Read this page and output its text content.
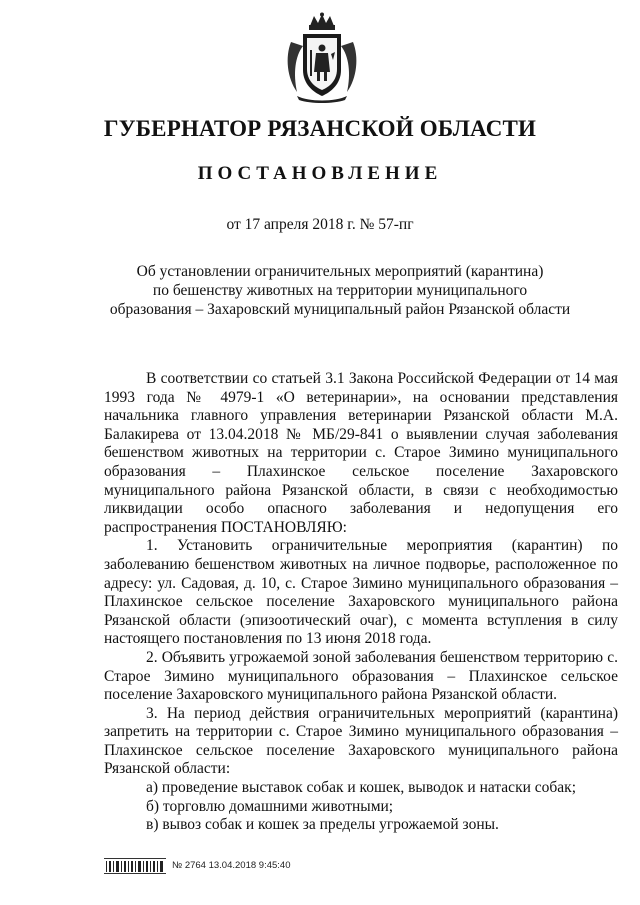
ГУБЕРНАТОР РЯЗАНСКОЙ ОБЛАСТИ
ПОСТАНОВЛЕНИЕ
от 17 апреля 2018 г. № 57-пг
Об установлении ограничительных мероприятий (карантина)
по бешенству животных на территории муниципального
образования – Захаровский муниципальный район Рязанской области

В соответствии со статьей 3.1 Закона Российской Федерации от 14 мая 1993 года № 4979-1 «О ветеринарии», на основании представления начальника главного управления ветеринарии Рязанской области М.А. Балакирева от 13.04.2018 № МБ/29-841 о выявлении случая заболевания бешенством животных на территории с. Старое Зимино муниципального образования – Плахинское сельское поселение Захаровского муниципального района Рязанской области, в связи с необходимостью ликвидации особо опасного заболевания и недопущения его распространения ПОСТАНОВЛЯЮ:

1. Установить ограничительные мероприятия (карантин) по заболеванию бешенством животных на личное подворье, расположенное по адресу: ул. Садовая, д. 10, с. Старое Зимино муниципального образования – Плахинское сельское поселение Захаровского муниципального района Рязанской области (эпизоотический очаг), с момента вступления в силу настоящего постановления по 13 июня 2018 года.

2. Объявить угрожаемой зоной заболевания бешенством территорию с. Старое Зимино муниципального образования – Плахинское сельское поселение Захаровского муниципального района Рязанской области.

3. На период действия ограничительных мероприятий (карантина) запретить на территории с. Старое Зимино муниципального образования – Плахинское сельское поселение Захаровского муниципального района Рязанской области:

а) проведение выставок собак и кошек, выводок и натаски собак;

б) торговлю домашними животными;

в) вывоз собак и кошек за пределы угрожаемой зоны.

№ 2764 13.04.2018 9:45:40
